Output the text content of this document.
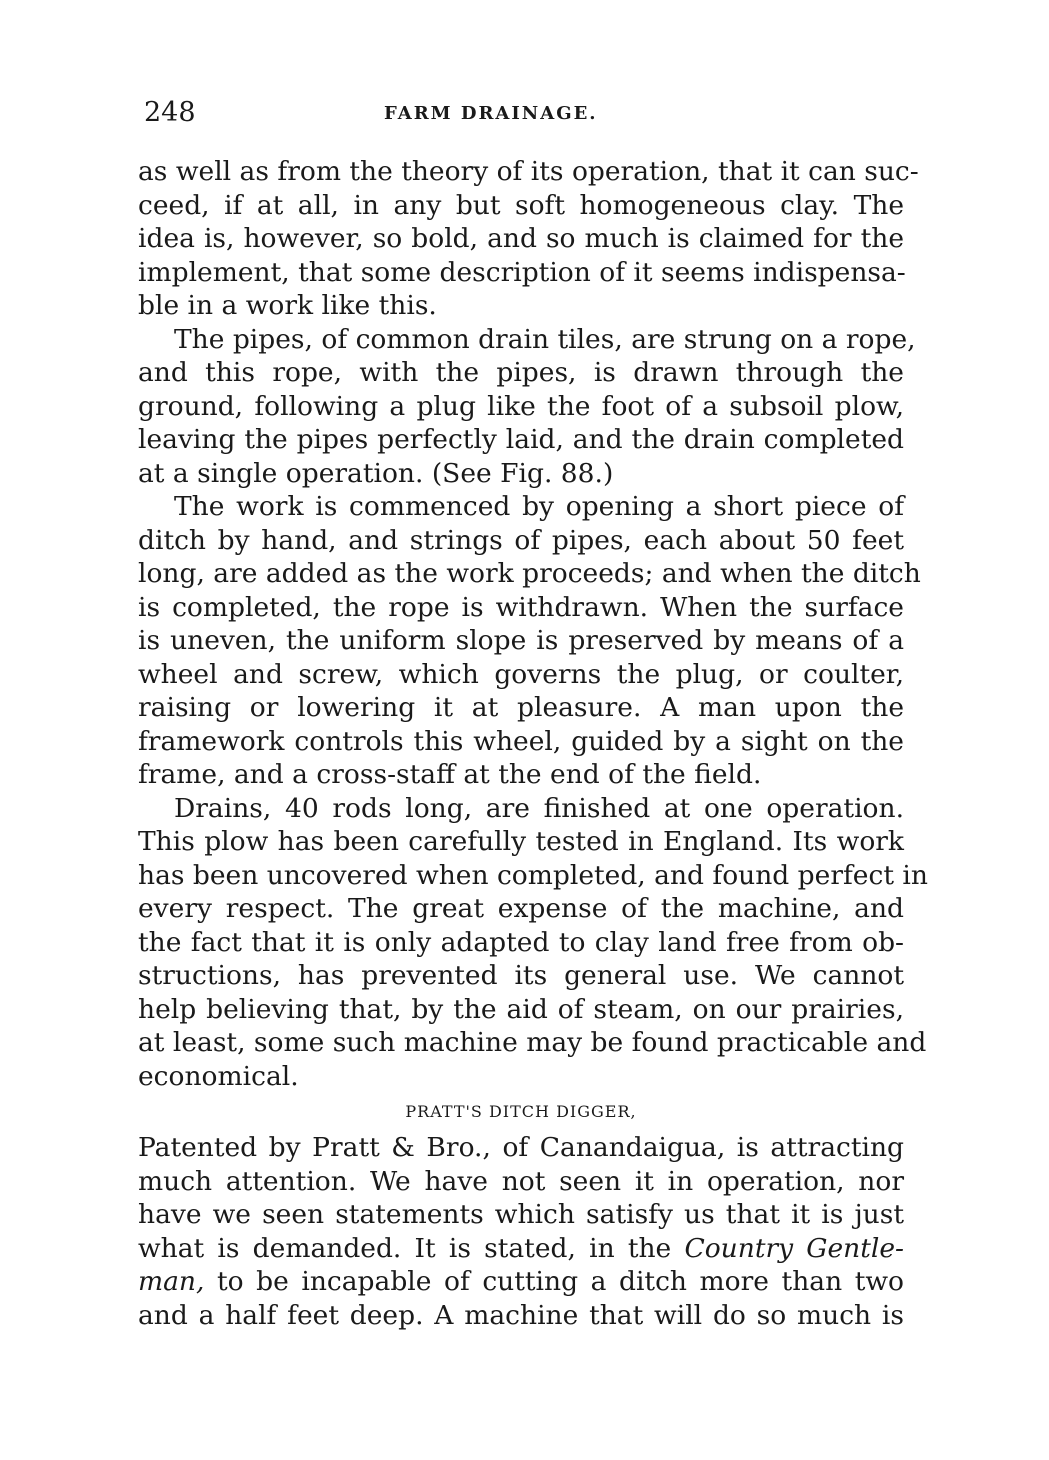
248	FARM DRAINAGE.
as well as from the theory of its operation, that it can suc-
ceed, if at all, in any but soft homogeneous clay. The
idea is, however, so bold, and so much is claimed for the
implement, that some description of it seems indispensa-
ble in a work like this.
The pipes, of common drain tiles, are strung on a rope,
and this rope, with the pipes, is drawn through the
ground, following a plug like the foot of a subsoil plow,
leaving the pipes perfectly laid, and the drain completed
at a single operation. (See Fig. 88.)
The work is commenced by opening a short piece of
ditch by hand, and strings of pipes, each about 50 feet
long, are added as the work proceeds; and when the ditch
is completed, the rope is withdrawn. When the surface
is uneven, the uniform slope is preserved by means of a
wheel and screw, which governs the plug, or coulter,
raising or lowering it at pleasure. A man upon the
framework controls this wheel, guided by a sight on the
frame, and a cross-staff at the end of the field.
Drains, 40 rods long, are finished at one operation.
This plow has been carefully tested in England. Its work
has been uncovered when completed, and found perfect in
every respect. The great expense of the machine, and
the fact that it is only adapted to clay land free from ob-
structions, has prevented its general use. We cannot
help believing that, by the aid of steam, on our prairies,
at least, some such machine may be found practicable and
economical.
PRATT'S DITCH DIGGER,
Patented by Pratt & Bro., of Canandaigua, is attracting
much attention. We have not seen it in operation, nor
have we seen statements which satisfy us that it is just
what is demanded. It is stated, in the Country Gentle-
man, to be incapable of cutting a ditch more than two
and a half feet deep. A machine that will do so much is
